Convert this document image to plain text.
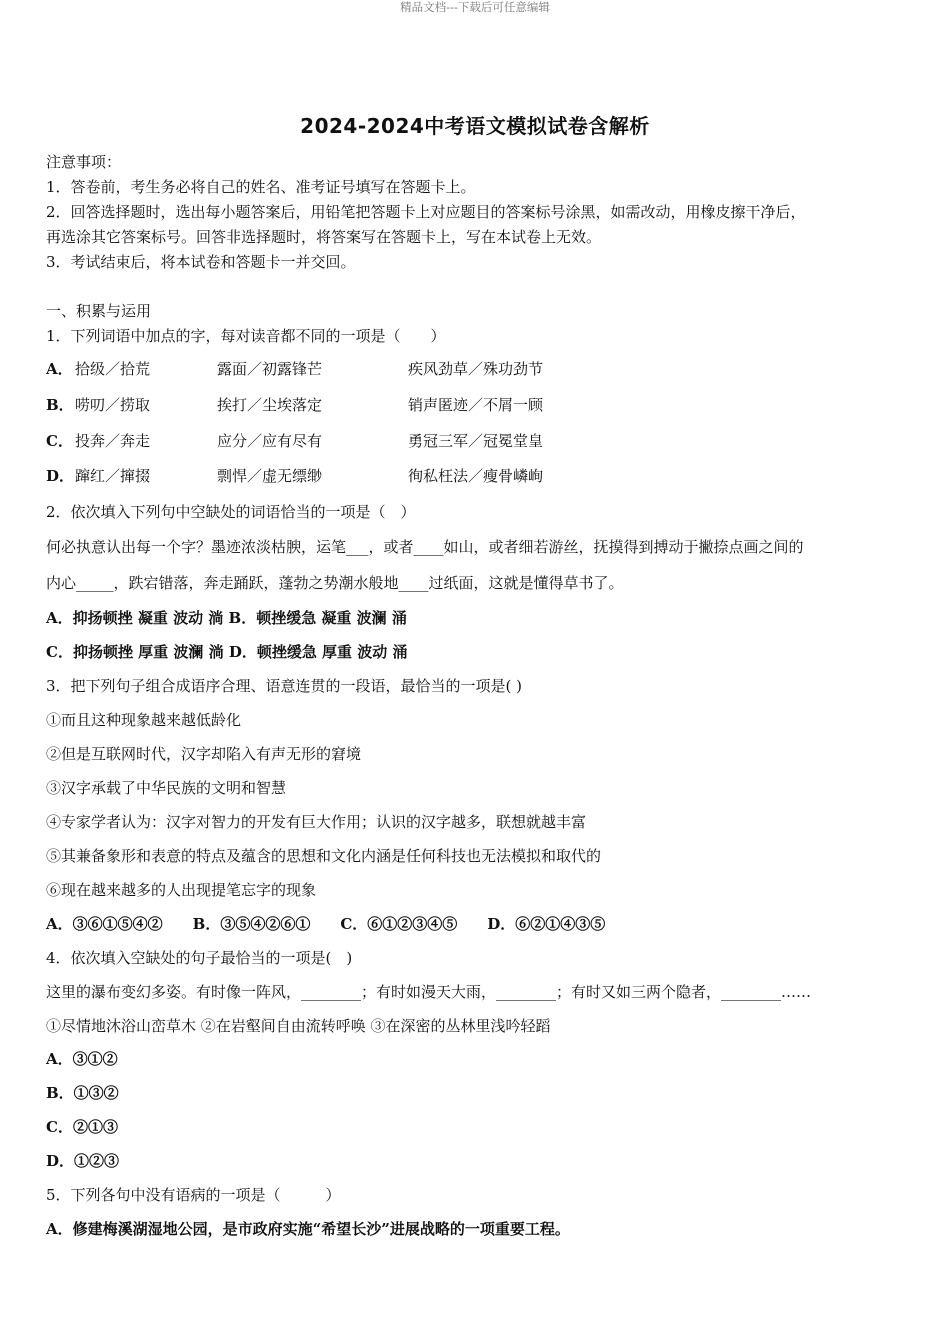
精品文档---下载后可任意编辑
2024-2024中考语文模拟试卷含解析
注意事项：
1．答卷前，考生务必将自己的姓名、准考证号填写在答题卡上。
2．回答选择题时，选出每小题答案后，用铅笔把答题卡上对应题目的答案标号涂黑，如需改动，用橡皮擦干净后，
再选涂其它答案标号。回答非选择题时，将答案写在答题卡上，写在本试卷上无效。
3．考试结束后，将本试卷和答题卡一并交回。
一、积累与运用
1．下列词语中加点的字，每对读音都不同的一项是（　　）
A． 拾级／拾荒	露面／初露锋芒	疾风劲草／殊功劲节
B． 唠叨／捞取	挨打／尘埃落定	销声匿迹／不屑一顾
C． 投奔／奔走	应分／应有尽有	勇冠三军／冠冕堂皇
D． 蹿红／撺掇	剽悍／虚无缥缈	徇私枉法／瘦骨嶙峋
2．依次填入下列句中空缺处的词语恰当的一项是（　）
何必执意认出每一个字？墨迹浓淡枯腴，运笔___，或者____如山，或者细若游丝，抚摸得到搏动于撇捺点画之间的
内心_____，跌宕错落，奔走踊跃，蓬勃之势潮水般地____过纸面，这就是懂得草书了。
A．抑扬顿挫 凝重 波动 淌 B．顿挫缓急 凝重 波澜 涌
C．抑扬顿挫 厚重 波澜 淌 D．顿挫缓急 厚重 波动 涌
3．把下列句子组合成语序合理、语意连贯的一段语，最恰当的一项是( )
①而且这种现象越来越低龄化
②但是互联网时代，汉字却陷入有声无形的窘境
③汉字承载了中华民族的文明和智慧
④专家学者认为：汉字对智力的开发有巨大作用；认识的汉字越多，联想就越丰富
⑤其兼备象形和表意的特点及蕴含的思想和文化内涵是任何科技也无法模拟和取代的
⑥现在越来越多的人出现提笔忘字的现象
A．③⑥①⑤④②　　B．③⑤④②⑥①　　C．⑥①②③④⑤　　D．⑥②①④③⑤
4．依次填入空缺处的句子最恰当的一项是(　)
这里的瀑布变幻多姿。有时像一阵风，________；有时如漫天大雨，________；有时又如三两个隐者，________……
①尽情地沐浴山峦草木 ②在岩壑间自由流转呼唤 ③在深密的丛林里浅吟轻蹈
A．③①②
B．①③②
C．②①③
D．①②③
5．下列各句中没有语病的一项是（　　　）
A．修建梅溪湖湿地公园，是市政府实施“希望长沙”进展战略的一项重要工程。
